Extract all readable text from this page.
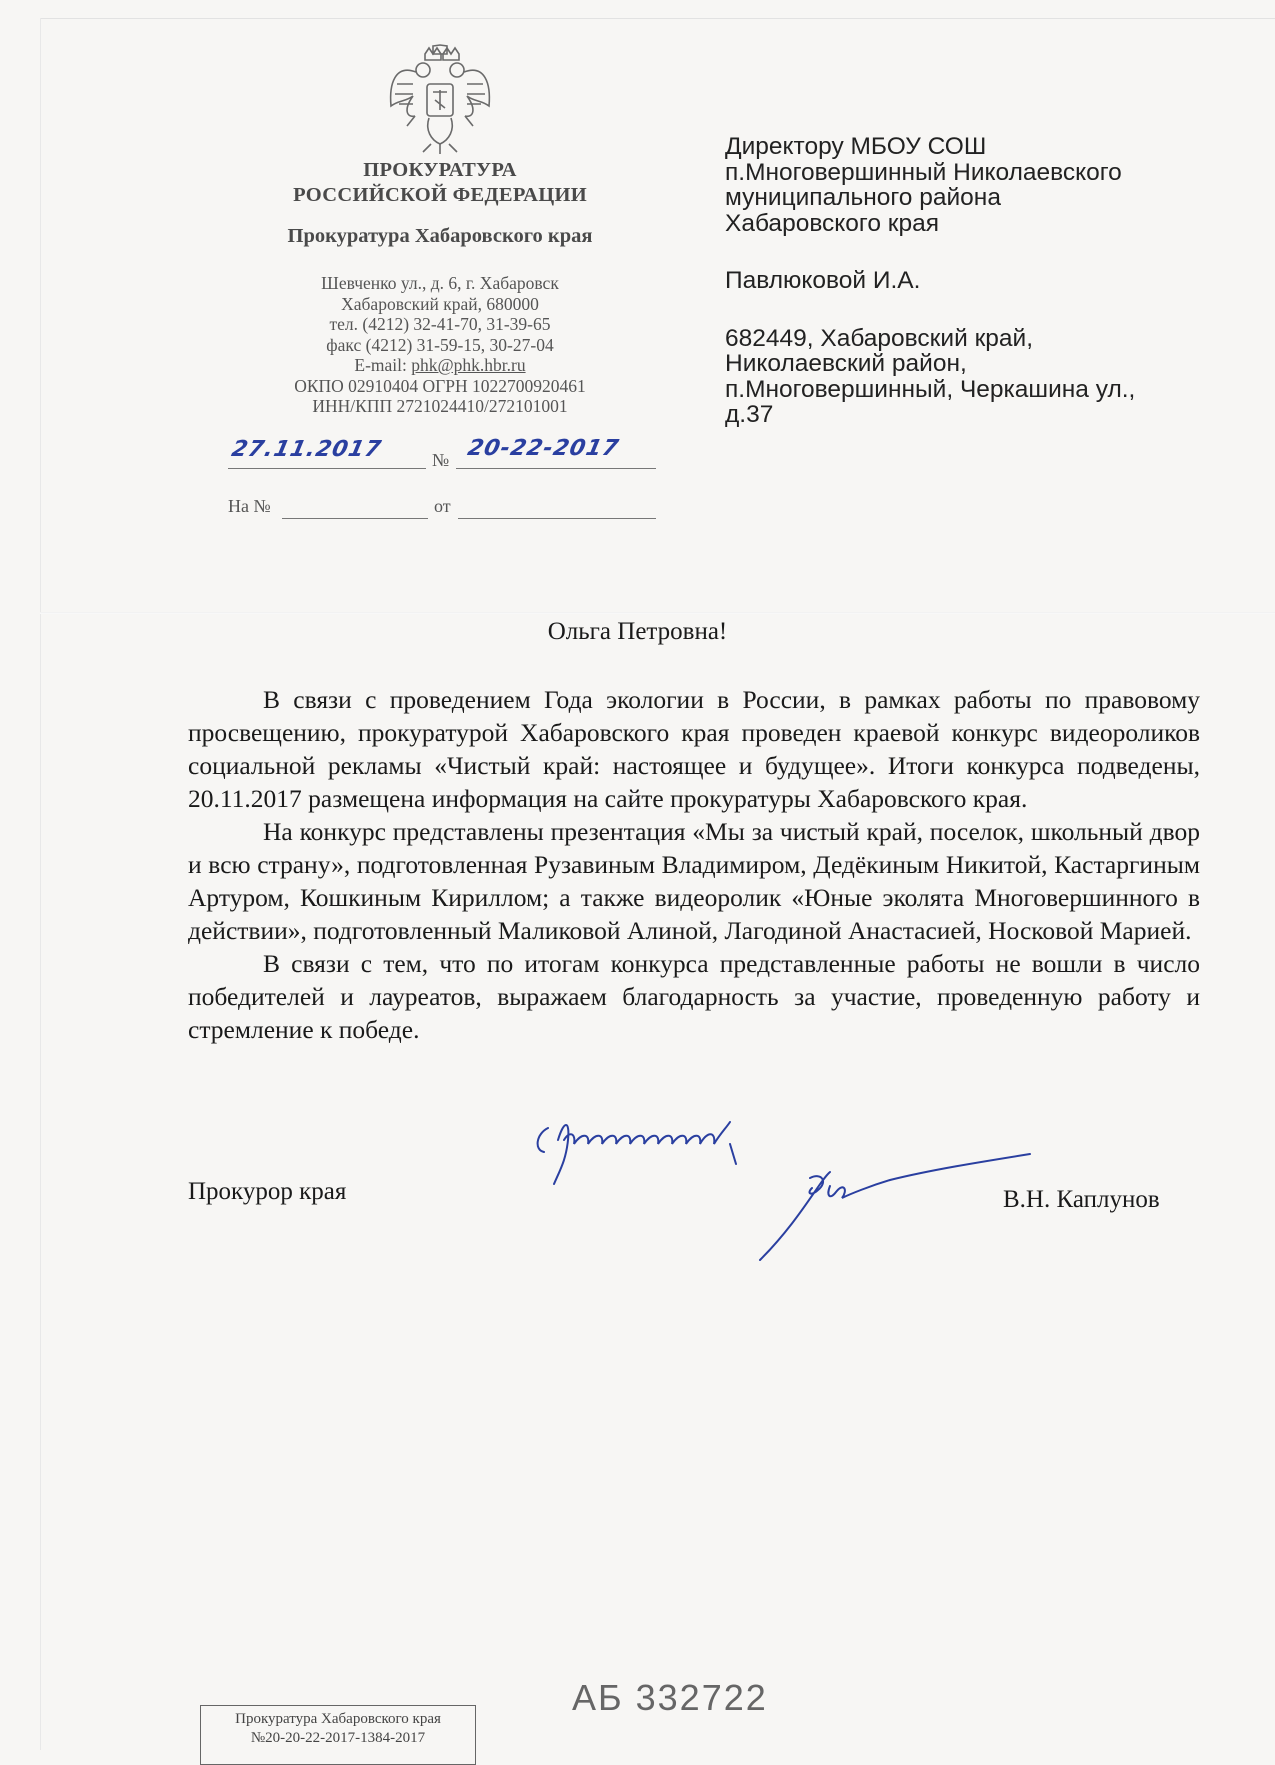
ПРОКУРАТУРА
РОССИЙСКОЙ ФЕДЕРАЦИИ
Прокуратура Хабаровского края
Шевченко ул., д. 6, г. Хабаровск
Хабаровский край, 680000
тел. (4212) 32-41-70, 31-39-65
факс (4212) 31-59-15, 30-27-04
E-mail: phk@phk.hbr.ru
ОКПО 02910404 ОГРН 1022700920461
ИНН/КПП 2721024410/272101001
27.11.2017	№ 20-22-2017
На №	от
Директору МБОУ СОШ
п.Многовершинный Николаевского
муниципального района
Хабаровского края
Павлюковой И.А.
682449, Хабаровский край,
Николаевский район,
п.Многовершинный, Черкашина ул.,
д.37
Ольга Петровна!

В связи с проведением Года экологии в России, в рамках работы по правовому просвещению, прокуратурой Хабаровского края проведен краевой конкурс видеороликов социальной рекламы «Чистый край: настоящее и будущее». Итоги конкурса подведены, 20.11.2017 размещена информация на сайте прокуратуры Хабаровского края.

На конкурс представлены презентация «Мы за чистый край, поселок, школьный двор и всю страну», подготовленная Рузавиным Владимиром, Дедёкиным Никитой, Кастаргиным Артуром, Кошкиным Кириллом; а также видеоролик «Юные эколята Многовершинного в действии», подготовленный Маликовой Алиной, Лагодиной Анастасией, Носковой Марией.

В связи с тем, что по итогам конкурса представленные работы не вошли в число победителей и лауреатов, выражаем благодарность за участие, проведенную работу и стремление к победе.

Прокурор края	В.Н. Каплунов
АБ 332722
Прокуратура Хабаровского края
№20-20-22-2017-1384-2017
